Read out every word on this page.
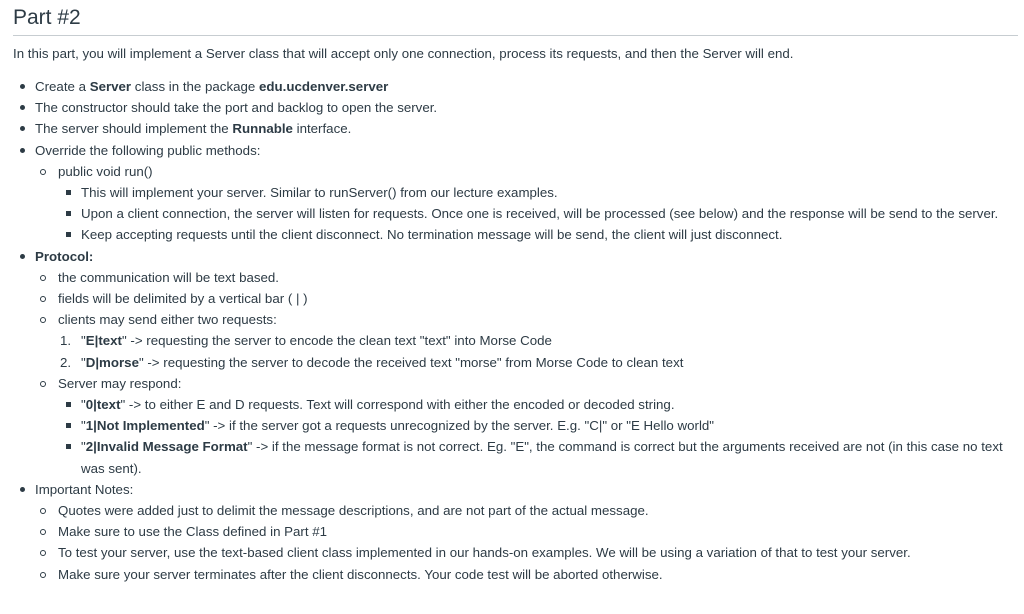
Part #2

In this part, you will implement a Server class that will accept only one connection, process its requests, and then the Server will end.

Create a Server class in the package edu.ucdenver.server
The constructor should take the port and backlog to open the server.
The server should implement the Runnable interface.
Override the following public methods:
public void run()
This will implement your server. Similar to runServer() from our lecture examples.
Upon a client connection, the server will listen for requests. Once one is received, will be processed (see below) and the response will be send to the server.
Keep accepting requests until the client disconnect. No termination message will be send, the client will just disconnect.
Protocol:
the communication will be text based.
fields will be delimited by a vertical bar ( | )
clients may send either two requests:
1. "E|text" -> requesting the server to encode the clean text "text" into Morse Code
2. "D|morse" -> requesting the server to decode the received text "morse" from Morse Code to clean text
Server may respond:
"0|text" -> to either E and D requests. Text will correspond with either the encoded or decoded string.
"1|Not Implemented" -> if the server got a requests unrecognized by the server. E.g. "C|" or "E Hello world"
"2|Invalid Message Format" -> if the message format is not correct. Eg. "E", the command is correct but the arguments received are not (in this case no text was sent).
Important Notes:
Quotes were added just to delimit the message descriptions, and are not part of the actual message.
Make sure to use the Class defined in Part #1
To test your server, use the text-based client class implemented in our hands-on examples. We will be using a variation of that to test your server.
Make sure your server terminates after the client disconnects. Your code test will be aborted otherwise.
